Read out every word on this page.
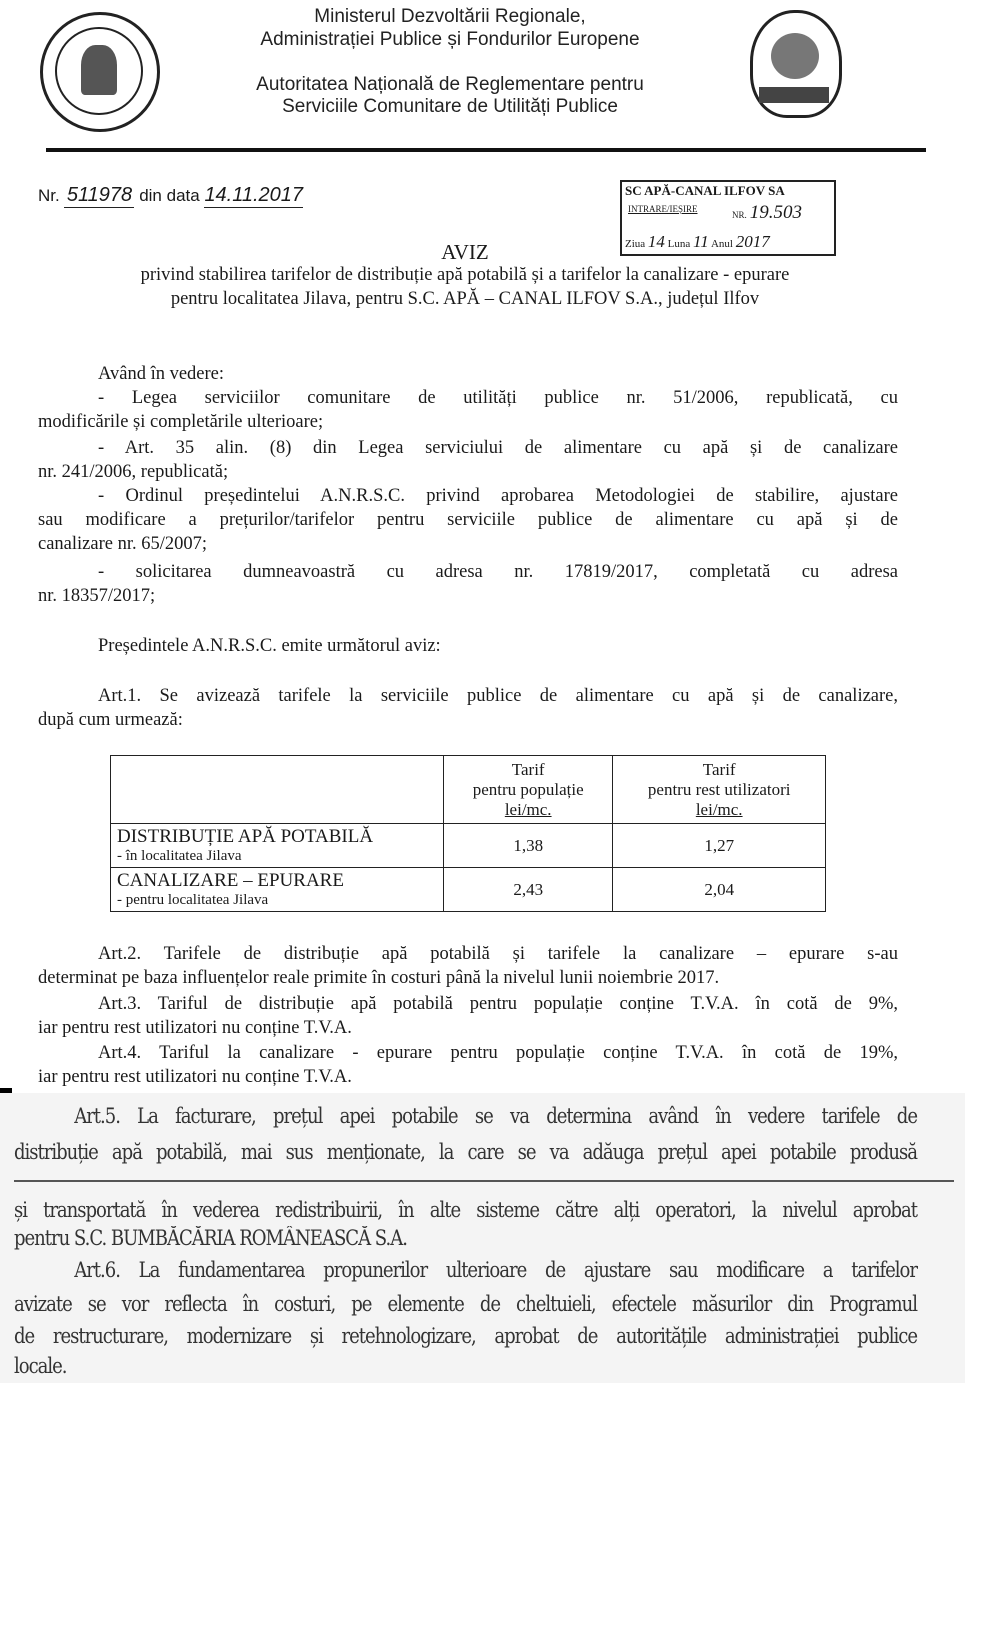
Ministerul Dezvoltării Regionale,
Administrației Publice și Fondurilor Europene
Autoritatea Națională de Reglementare pentru
Serviciile Comunitare de Utilități Publice
Nr. 511978 din data 14.11.2017	SC APĂ-CANAL ILFOV SA
INTRARE/IEȘIRE
NR. 19.503
Ziua 14 Luna 11 Anul 2017
AVIZ
privind stabilirea tarifelor de distribuție apă potabilă și a tarifelor la canalizare - epurare
pentru localitatea Jilava, pentru S.C. APĂ – CANAL ILFOV S.A., județul Ilfov
Având în vedere:
- Legea serviciilor comunitare de utilități publice nr. 51/2006, republicată, cu
modificările și completările ulterioare;
- Art. 35 alin. (8) din Legea serviciului de alimentare cu apă și de canalizare
nr. 241/2006, republicată;
- Ordinul președintelui A.N.R.S.C. privind aprobarea Metodologiei de stabilire, ajustare
sau modificare a prețurilor/tarifelor pentru serviciile publice de alimentare cu apă și de
canalizare nr. 65/2007;
- solicitarea dumneavoastră cu adresa nr. 17819/2017, completată cu adresa
nr. 18357/2017;
Președintele A.N.R.S.C. emite următorul aviz:
Art.1. Se avizează tarifele la serviciile publice de alimentare cu apă și de canalizare,
după cum urmează:
	Tarif
pentru populație
lei/mc.	Tarif
pentru rest utilizatori
lei/mc.

DISTRIBUȚIE APĂ POTABILĂ
- în localitatea Jilava	1,38	1,27

CANALIZARE – EPURARE
- pentru localitatea Jilava	2,43	2,04
Art.2. Tarifele de distribuție apă potabilă și tarifele la canalizare – epurare s-au
determinat pe baza influențelor reale primite în costuri până la nivelul lunii noiembrie 2017.
Art.3. Tariful de distribuție apă potabilă pentru populație conține T.V.A. în cotă de 9%,
iar pentru rest utilizatori nu conține T.V.A.
Art.4. Tariful la canalizare - epurare pentru populație conține T.V.A. în cotă de 19%,
iar pentru rest utilizatori nu conține T.V.A.
Art.5. La facturare, prețul apei potabile se va determina având în vedere tarifele de
distribuție apă potabilă, mai sus menționate, la care se va adăuga prețul apei potabile produsă
și transportată în vederea redistribuirii, în alte sisteme către alți operatori, la nivelul aprobat
pentru S.C. BUMBĂCĂRIA ROMÂNEASCĂ S.A.
Art.6. La fundamentarea propunerilor ulterioare de ajustare sau modificare a tarifelor
avizate se vor reflecta în costuri, pe elemente de cheltuieli, efectele măsurilor din Programul
de restructurare, modernizare și retehnologizare, aprobat de autoritățile administrației publice
locale.
